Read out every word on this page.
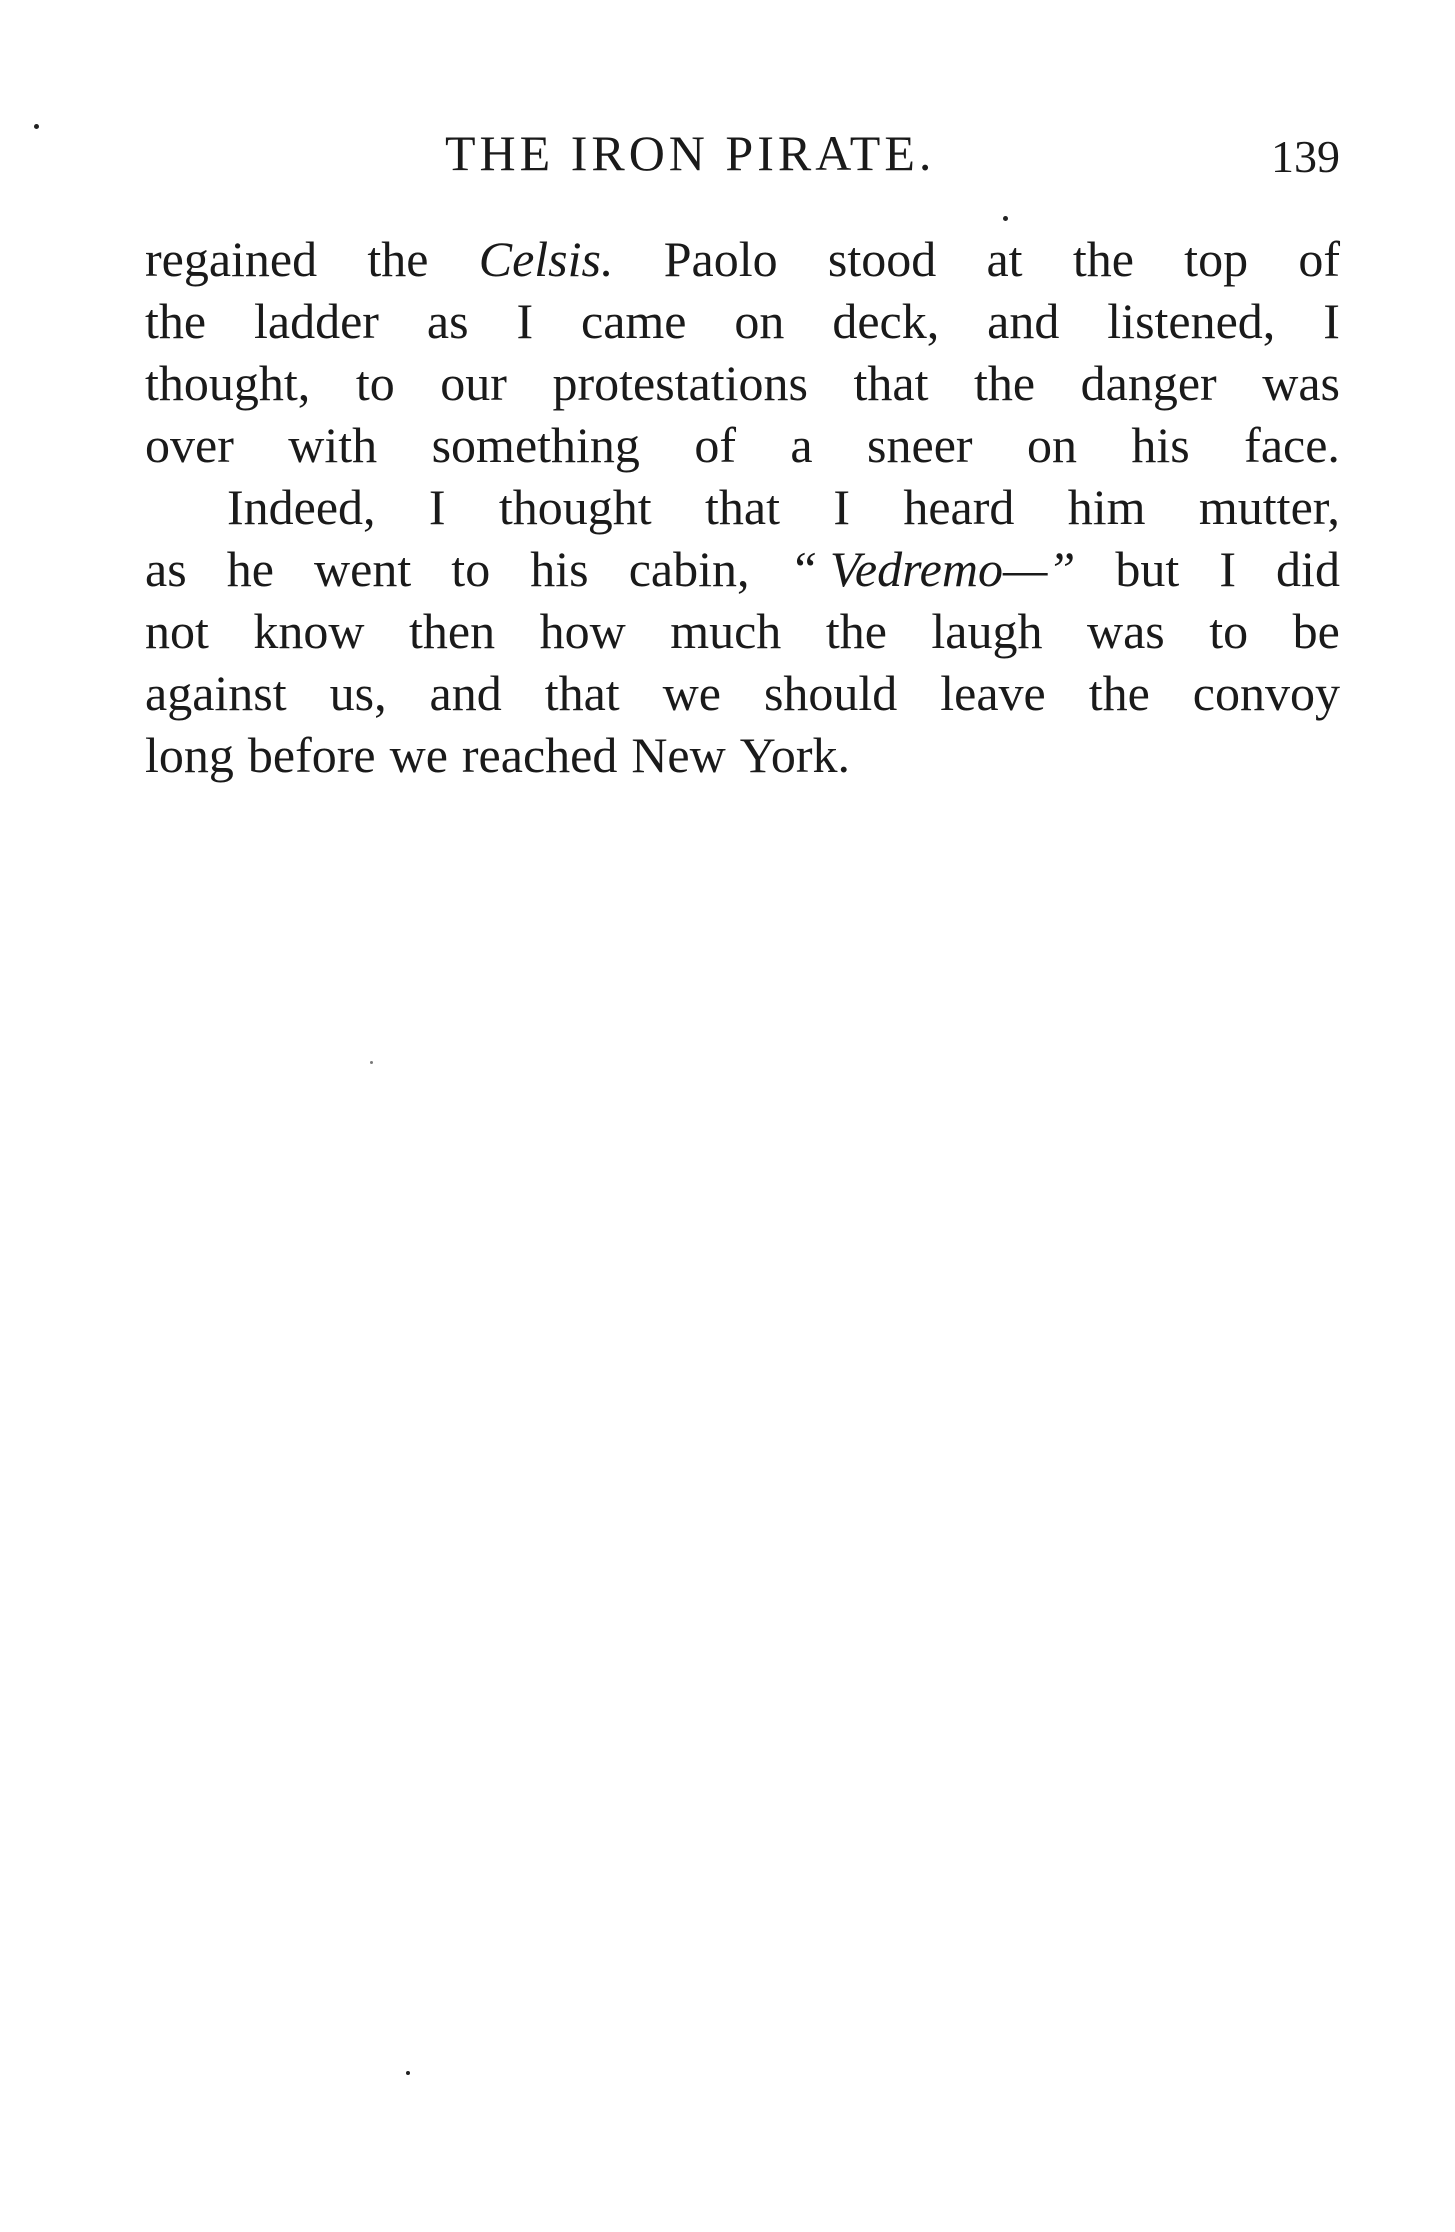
THE IRON PIRATE.	139
regained the Celsis. Paolo stood at the top of
the ladder as I came on deck, and listened, I
thought, to our protestations that the danger was
over with something of a sneer on his face.
Indeed, I thought that I heard him mutter,
as he went to his cabin, “ Vedremo—” but I did
not know then how much the laugh was to be
against us, and that we should leave the convoy
long before we reached New York.
